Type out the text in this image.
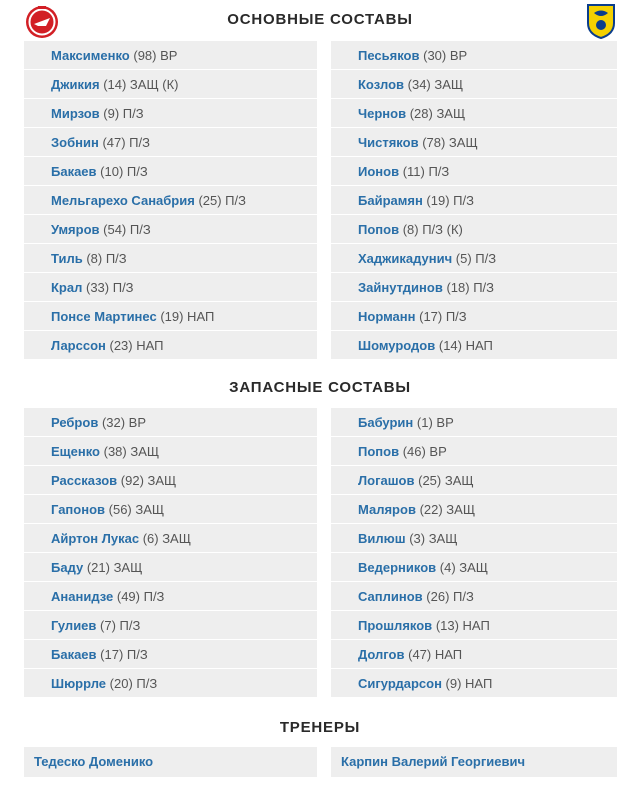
ОСНОВНЫЕ СОСТАВЫ
Максименко (98) ВР
Джикия (14) ЗАЩ (К)
Мирзов (9) П/З
Зобнин (47) П/З
Бакаев (10) П/З
Мельгарехо Санабрия (25) П/З
Умяров (54) П/З
Тиль (8) П/З
Крал (33) П/З
Понсе Мартинес (19) НАП
Ларссон (23) НАП
Песьяков (30) ВР
Козлов (34) ЗАЩ
Чернов (28) ЗАЩ
Чистяков (78) ЗАЩ
Ионов (11) П/З
Байрамян (19) П/З
Попов (8) П/З (К)
Хаджикадунич (5) П/З
Зайнутдинов (18) П/З
Норманн (17) П/З
Шомуродов (14) НАП
ЗАПАСНЫЕ СОСТАВЫ
Ребров (32) ВР
Ещенко (38) ЗАЩ
Рассказов (92) ЗАЩ
Гапонов (56) ЗАЩ
Айртон Лукас (6) ЗАЩ
Баду (21) ЗАЩ
Ананидзе (49) П/З
Гулиев (7) П/З
Бакаев (17) П/З
Шюррле (20) П/З
Бабурин (1) ВР
Попов (46) ВР
Логашов (25) ЗАЩ
Маляров (22) ЗАЩ
Вилюш (3) ЗАЩ
Ведерников (4) ЗАЩ
Саплинов (26) П/З
Прошляков (13) НАП
Долгов (47) НАП
Сигурдарсон (9) НАП
ТРЕНЕРЫ
Тедеско Доменико	Карпин Валерий Георгиевич
